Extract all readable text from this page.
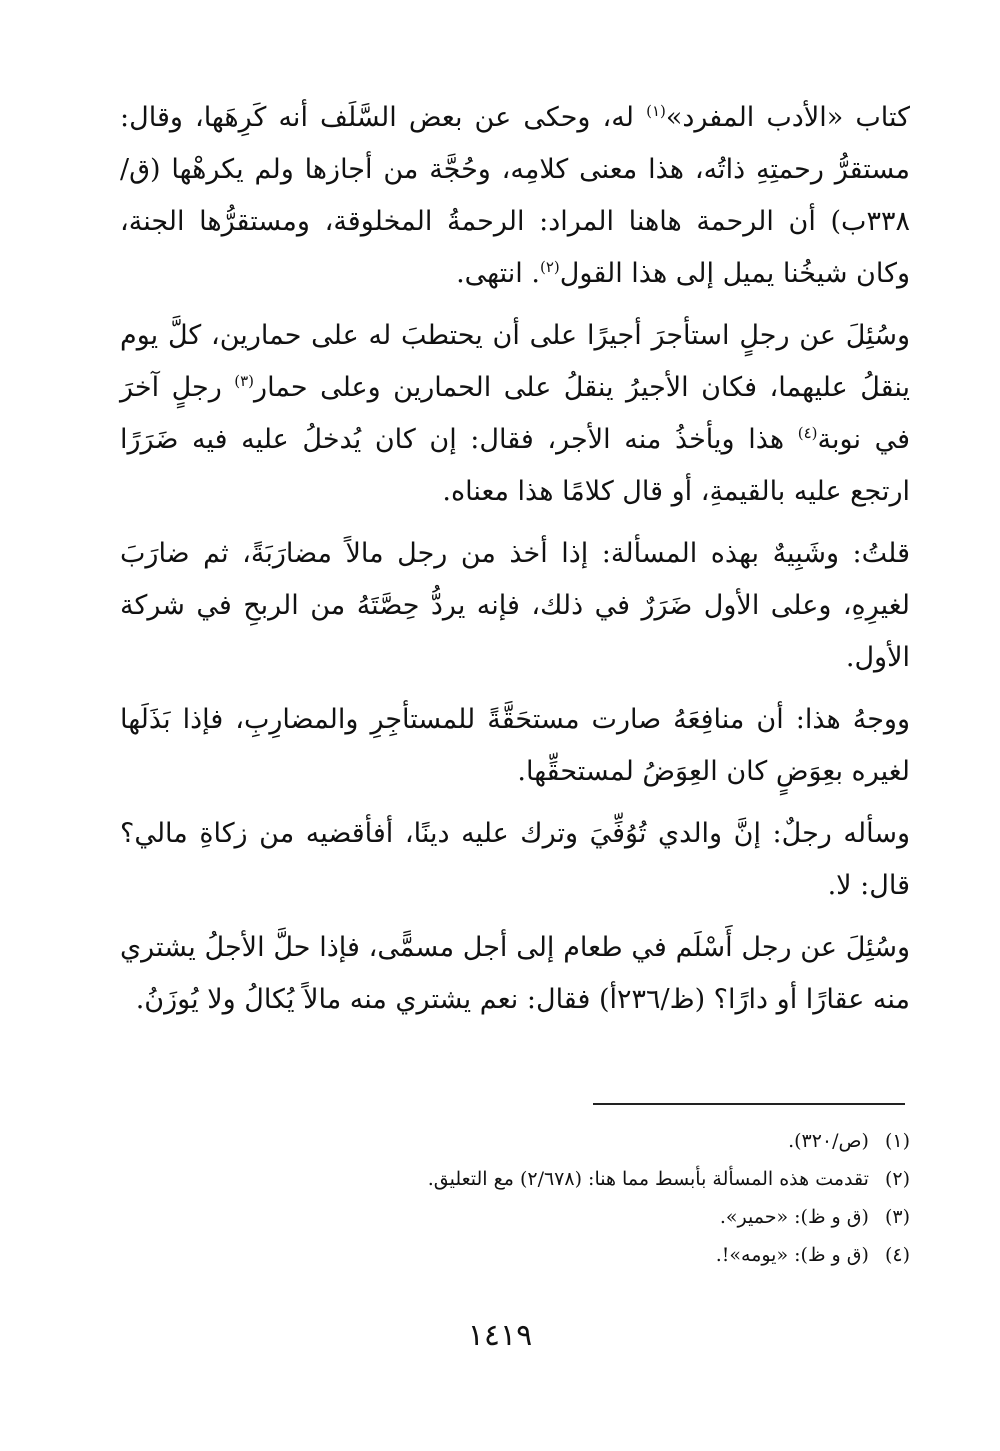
كتاب «الأدب المفرد»$^{(١)}$ له، وحكى عن بعض السَّلَف أنه كَرِهَها، وقال: مستقرُّ رحمتِهِ ذاتُه، هذا معنى كلامِه، وحُجَّة من أجازها ولم يكرهْها (ق/٣٣٨ب) أن الرحمة هاهنا المراد: الرحمةُ المخلوقة، ومستقرُّها الجنة، وكان شيخُنا يميل إلى هذا القول$^{(٢)}$. انتهى.

وسُئِلَ عن رجلٍ استأجرَ أجيرًا على أن يحتطبَ له على حمارين، كلَّ يوم ينقلُ عليهما، فكان الأجيرُ ينقلُ على الحمارين وعلى حمار$^{(٣)}$ رجلٍ آخرَ في نوبة$^{(٤)}$ هذا ويأخذُ منه الأجر، فقال: إن كان يُدخلُ عليه فيه ضَرَرًا ارتجع عليه بالقيمةِ، أو قال كلامًا هذا معناه.

قلتُ: وشَبِيهٌ بهذه المسألة: إذا أخذ من رجل مالاً مضارَبَةً، ثم ضارَبَ لغيرِهِ، وعلى الأول ضَرَرٌ في ذلك، فإنه يردُّ حِصَّتَهُ من الربحِ في شركة الأول.

ووجهُ هذا: أن منافِعَهُ صارت مستحَقَّةً للمستأجِرِ والمضارِبِ، فإذا بَذَلَها لغيره بعِوَضٍ كان العِوَضُ لمستحقِّها.

وسأله رجلٌ: إنَّ والدي تُوُفِّيَ وترك عليه دينًا، أفأقضيه من زكاةِ مالي؟ قال: لا.

وسُئِلَ عن رجل أَسْلَم في طعام إلى أجل مسمًّى، فإذا حلَّ الأجلُ يشتري منه عقارًا أو دارًا؟ (ظ/٢٣٦أ) فقال: نعم يشتري منه مالاً يُكالُ ولا يُوزَنُ.

(١)(ص/٣٢٠).
(٢)تقدمت هذه المسألة بأبسط مما هنا: (٢/٦٧٨) مع التعليق.
(٣)(ق و ظ): «حمير».
(٤)(ق و ظ): «يومه»!.
١٤١٩
